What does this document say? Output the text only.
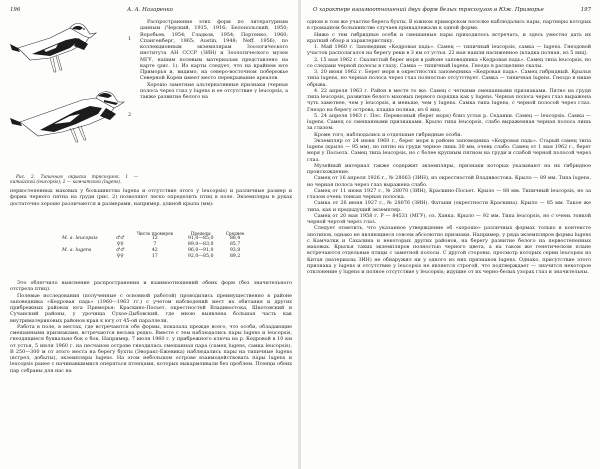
196	А. А. Назаренко
1
2
Рис. 2. Типичная окраска трясогузок. 1 — китайской (leucopsis); 2 — камчатской (lugens).
Распространение этих форм по литературным данным (Черский, 1915, 1916; Белопольский, 1950; Воробьев, 1954; Гладков, 1954; Портенко, 1960; Спангенберг, 1965; Austin, 1948; Neff, 1956), по коллекционным экземплярам Зоологического института АН СССР (ЗИН) и Зоологического музея МГУ, нашим полевым материалам представлено на карте (рис. 1). Из карты следует, что на крайнем юге Приморья и, видимо, на северо-восточном побережье Северной Кореи имеет место перекрывание ареалов.
Хорошо заметные альтернативные признаки (черная полоса через глаз у lugens и ее отсутствие у leucopsis, а также развитие белого на
первостепенных маховых у большинства lugens и отсутствие этого у leucopsis) и различные размер и форма черного пятна на груди (рис. 2) позволяют легко определить птиц в поле. Экземпляры в руках достаточно хорошо различаются и размерами, например, длиной крыла (мм):
		Число промеров	Пределы	Среднее
M. a. leucopsis	♂♂	12	91,0—85,0	88,4
	♀♀	7	89,0—83,0	85,7
M. a. lugens	♂♂	42	96,0—91,0	93,8
	♀♀	17	92,0—85,0	89,2
Это облегчило выяснение распространения и взаимоотношений обеих форм (без значительного отстрела птиц).
Полевые исследования (полученные с основной работой) проводились преимущественно в районе заповедника «Кедровая падь» (1960—1963 гг.) с учетом наблюдений мест их обитания и других прибрежных районах юга Приморья: Краскино-Посьет, окрестностей Владивостока, Шкотовский и Сучанский районы, у урочища Сухое-Дыбовский, где мною выявлена большая часть как внутриматериковых районов края к югу от 45-ой параллели.
Работа в поле, в местах, где встречаются обе формы, показала прежде всего, что особи, обладающие смешанными признаками, встречаются весьма редко. Вместе с тем наблюдались пары lugens и leucopsis, гнездящиеся буквально бок о бок. Например, 7 июля 1960 г. у прибрежного ключа на р. Кедровой в 10 км от устья, 5 июля 1960 г. на песчаном острове гнездилась смешанная пара (самец lugens, самка leucopsis). В 250—300 м от этого места на берегу бухты (Эворакс-Ежевика) наблюдались пары на типичные lugens (встрел, добыты), экземпляры lugens. На этом небольшом острове взаимодействовать пары lugens и leucopsis ранее с начинавшимися оперяться птенцами, которых выкармливали без проблем. Птенцы обеих пар собраны для нас на
О характере взаимоотношений двух форм белых трясогузок в Юж. Приморье	197
одном и том же участке берега бухты. В южном приморском поселке наблюдались пары, партнеры которых в громадном большинстве случаев принадлежали к одной форме.
Ниже с тем гибридные особи и смешанные пары приходилось встречать, и здесь уместно дать их краткий обзор и характеристику.
1. Май 1960 г. Заповедник «Кедровая падь». Самец — типичный leucopsis, самка — lugens. Гнездовой участок располагался на берегу реки в 3 км от устья. 22 мая нашли насиженное (кладка полная, из 5 яиц).
2. 15 мая 1962 г. Скалистый берег моря в районе заповедника «Кедровая падь». Самец типа leucopsis, но со следами черной полосы в глазу. Самка — типичный lugens. Гнездо в расщелине скалы.
3. 20 июня 1962 г. Берег моря в окрестностях заповедника «Кедровая падь». Самец гибридный. Крылья типа lugens, но черная полоса через глаз полностью отсутствует. Самка — типичная lugens. Гнездо в нише обрыва.
4. 22 апреля 1963 г. Район в месте то же. Самец с четкими смешанными признаками. Пятно на груди типа leucopsis, развитие белого маховых первого порядка как у lugens. Черная полоса через глаз выражена чуть заметнее, чем у leucopsis, и меньше, чем у lugens. Самка типа lugens, с черной полосой через глаз. Гнездо на берегу острова, кладка полная, из 6 яиц.
5. 24 апреля 1963 г. Пос. Перевозный (берег моря) близ устья р. Седанки. Самец — leucopsis. Самка — lugens. Самец со смешанными признаками. Крыло типа leucopsis, слабо выраженная черная полоса лишь за глазом.
Кроме того, наблюдались и отдельные гибридные особи.
Экземпляр от 24 июня 1960 г., берег моря в районе заповедника «Кедровая падь». Старый самец типа lugens (крыло — 95 мм), но пятно на груди черное лишь 30 мм, очень слабо. Самец от 1 мая 1962 г., берег моря у Посьета. Самец типа leucopsis, но с более крупным пятном на груди и слабой черной полосой через глаз.
Музейный материал также содержит экземпляры, признаки которых указывают на их гибридное происхождение.
Самец от 16 апреля 1926 г., № 28063 (ЗИН), из окрестностей Владивостока. Крыло — 89 мм. Типа lugens, но черная полоса через глаз выражена слабо.
Самец от 11 июня 1927 г., № 28070 (ЗИН), Краскино-Посьет. Крыло — 88 мм. Типичный leucopsis, но за глазом очень тонкая черная полоска.
Самка от 26 июня 1927 г., № 28076 (ЗИН), Фаташи (окрестности Краскина). Крыло — 85 мм. Такое же типа, как и предыдущий экземпляр.
Самец от 20 мая 1958 г. Р — 84531 (МГУ), оз. Ханка. Крыло — 92 мм. Типа leucopsis, но с очень тонкой черной чертой через глаз.
Следует отметить, что указанное утверждение об «хорошо» различных формах только в контексте эпотипов, однако не являющиеся совсем абсолютно признаки. Например, у ряда экземпляров формы lugens с Камчатки и Сахалина и некоторых других районов, на берегу развитие белого на первостепенных маховых. Крылья таких экземпляров полностью черного цвета, а на таком же генетическом плане встречаются отдельные птицы с заметной полосы. С другой стороны, просмотр которых серии leucopsis из Китая (материалы ЗИН) не обнаружил ни у одного из них признаков lugens. Однако, присутствие этого признака у lugens и отсутствие у leucopsis не является строгой, что подтверждает — значится некоторое отклонение у lugens и полное отсутствие у leucopsis; идущие от их черно-белых узорах глаз и значительны.
